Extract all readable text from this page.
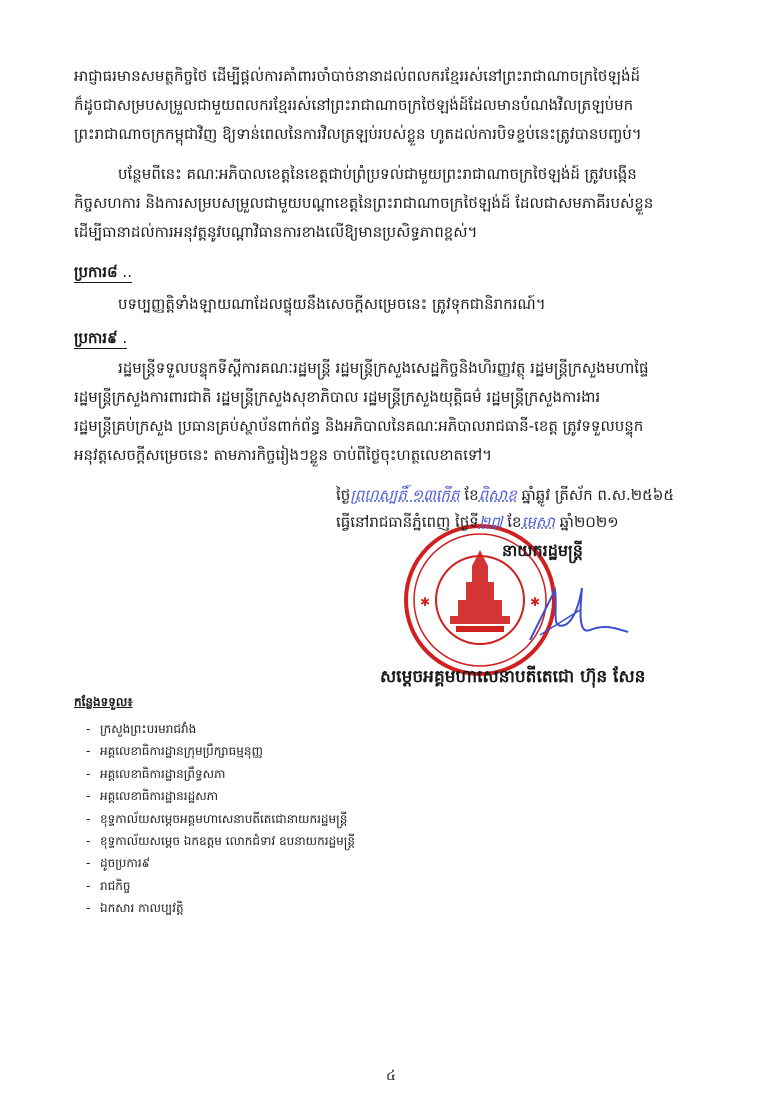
អាជ្ញាធរមានសមត្ថកិច្ចថៃ ដើម្បីផ្តល់ការគាំពារចាំបាច់នានាដល់ពលករខ្មែររស់នៅព្រះរាជាណាចក្រថៃឡង់ដ៍
ក៏ដូចជាសម្របសម្រួលជាមួយពលករខ្មែររស់នៅព្រះរាជាណាចក្រថៃឡង់ដ៍ដែលមានបំណងវិលត្រឡប់មក
ព្រះរាជាណាចក្រកម្ពុជាវិញ ឱ្យទាន់ពេលនៃការវិលត្រឡប់របស់ខ្លួន ហូតដល់ការបិទខ្ទប់នេះត្រូវបានបញ្ចប់។
បន្ថែមពីនេះ គណៈអភិបាលខេត្តនៃខេត្តជាប់ព្រំប្រទល់ជាមួយព្រះរាជាណាចក្រថៃឡង់ដ៍ ត្រូវបង្កើន
កិច្ចសហការ និងការសម្របសម្រួលជាមួយបណ្តាខេត្តនៃព្រះរាជាណាចក្រថៃឡង់ដ៍ ដែលជាសមភាគីរបស់ខ្លួន
ដើម្បីធានាដល់ការអនុវត្តនូវបណ្តាវិធានការខាងលើឱ្យមានប្រសិទ្ធភាពខ្ពស់។
ប្រការ៨ ..
បទប្បញ្ញត្តិទាំងឡាយណាដែលផ្ទុយនឹងសេចក្តីសម្រេចនេះ ត្រូវទុកជានិរាករណ៍។
ប្រការ៩ .
រដ្ឋមន្ត្រីទទួលបន្ទុកទីស្តីការគណៈរដ្ឋមន្ត្រី រដ្ឋមន្ត្រីក្រសួងសេដ្ឋកិច្ចនិងហិរញ្ញវត្ថុ រដ្ឋមន្ត្រីក្រសួងមហាផ្ទៃ
រដ្ឋមន្ត្រីក្រសួងការពារជាតិ រដ្ឋមន្ត្រីក្រសួងសុខាភិបាល រដ្ឋមន្ត្រីក្រសួងយុត្តិធម៌ រដ្ឋមន្ត្រីក្រសួងការងារ
រដ្ឋមន្ត្រីគ្រប់ក្រសួង ប្រធានគ្រប់ស្ថាប័នពាក់ព័ន្ធ និងអភិបាលនៃគណៈអភិបាលរាជធានី-ខេត្ត ត្រូវទទួលបន្ទុក
អនុវត្តសេចក្តីសម្រេចនេះ តាមភារកិច្ចរៀងៗខ្លួន ចាប់ពីថ្ងៃចុះហត្ថលេខាតទៅ។
✱	✱
ថ្ងៃព្រហស្បតិ៍ ១៣កើត ខែពិសាខ ឆ្នាំឆ្លូវ ត្រីស័ក ព.ស.២៥៦៥
ធ្វើនៅរាជធានីភ្នំពេញ ថ្ងៃទី២៧ ខែមេសា ឆ្នាំ២០២១
នាយករដ្ឋមន្ត្រី
សម្តេចអគ្គមហាសេនាបតីតេជោ ហ៊ុន សែន
កន្លែងទទួល៖
- ក្រសួងព្រះបរមរាជវាំង
- អគ្គលេខាធិការដ្ឋានក្រុមប្រឹក្សាធម្មនុញ្ញ
- អគ្គលេខាធិការដ្ឋានព្រឹទ្ធសភា
- អគ្គលេខាធិការដ្ឋានរដ្ឋសភា
- ខុទ្ទកាល័យសម្តេចអគ្គមហាសេនាបតីតេជោនាយករដ្ឋមន្ត្រី
- ខុទ្ទកាល័យសម្តេច ឯកឧត្តម លោកជំទាវ ឧបនាយករដ្ឋមន្ត្រី
- ដូចប្រការ៩
- រាជកិច្ច
- ឯកសារ កាលប្បវត្តិ
៤
